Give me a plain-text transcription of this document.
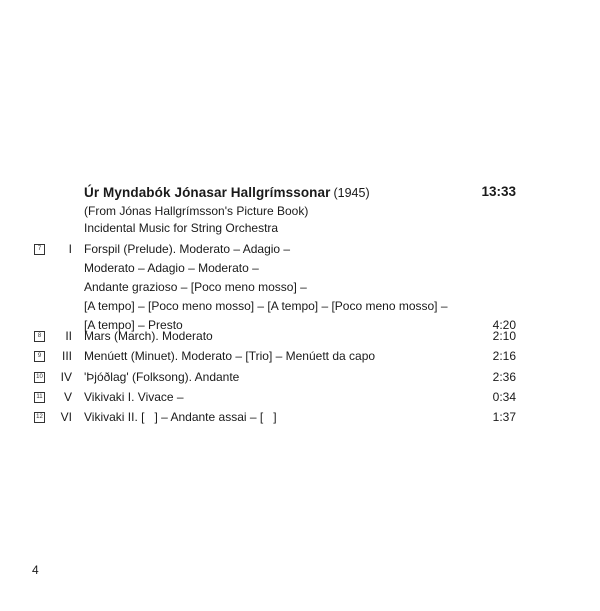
Úr Myndabók Jónasar Hallgrímssonar (1945)	13:33
(From Jónas Hallgrímsson's Picture Book)
Incidental Music for String Orchestra
7	I Forspil (Prelude). Moderato – Adagio –
Moderato – Adagio – Moderato –
Andante grazioso – [Poco meno mosso] –
[A tempo] – [Poco meno mosso] – [A tempo] – [Poco meno mosso] –
[A tempo] – Presto	4:20
8	II Mars (March). Moderato	2:10
9	III Menúett (Minuet). Moderato – [Trio] – Menúett da capo	2:16
10	IV 'Þjóðlag' (Folksong). Andante	2:36
11	V Vikivaki I. Vivace –	0:34
12	VI Vikivaki II. [   ] – Andante assai – [   ]	1:37
4
